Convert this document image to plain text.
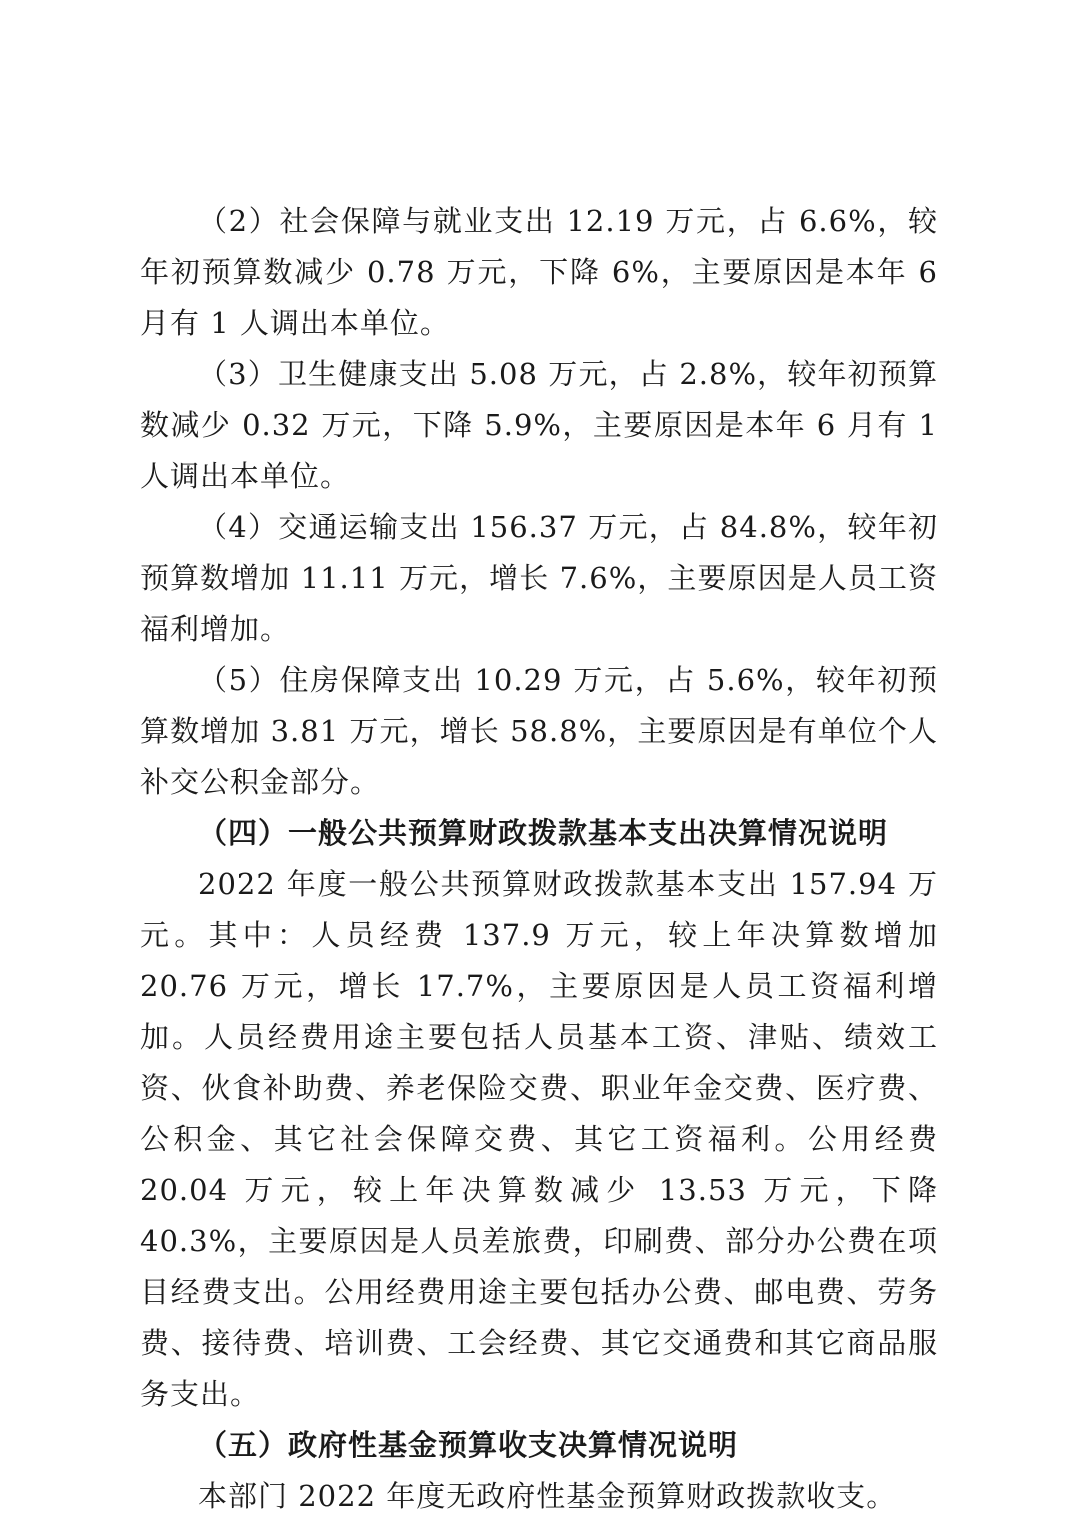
（2）社会保障与就业支出 12.19 万元，占 6.6%，较年初预算数减少 0.78 万元，下降 6%，主要原因是本年 6 月有 1 人调出本单位。

（3）卫生健康支出 5.08 万元，占 2.8%，较年初预算数减少 0.32 万元，下降 5.9%，主要原因是本年 6 月有 1 人调出本单位。

（4）交通运输支出 156.37 万元，占 84.8%，较年初预算数增加 11.11 万元，增长 7.6%，主要原因是人员工资福利增加。

（5）住房保障支出 10.29 万元，占 5.6%，较年初预算数增加 3.81 万元，增长 58.8%，主要原因是有单位个人补交公积金部分。

（四）一般公共预算财政拨款基本支出决算情况说明

2022 年度一般公共预算财政拨款基本支出 157.94 万元。其中：人员经费 137.9 万元，较上年决算数增加 20.76 万元，增长 17.7%，主要原因是人员工资福利增加。人员经费用途主要包括人员基本工资、津贴、绩效工资、伙食补助费、养老保险交费、职业年金交费、医疗费、公积金、其它社会保障交费、其它工资福利。公用经费 20.04 万元，较上年决算数减少 13.53 万元，下降 40.3%，主要原因是人员差旅费，印刷费、部分办公费在项目经费支出。公用经费用途主要包括办公费、邮电费、劳务费、接待费、培训费、工会经费、其它交通费和其它商品服务支出。

（五）政府性基金预算收支决算情况说明

本部门 2022 年度无政府性基金预算财政拨款收支。
